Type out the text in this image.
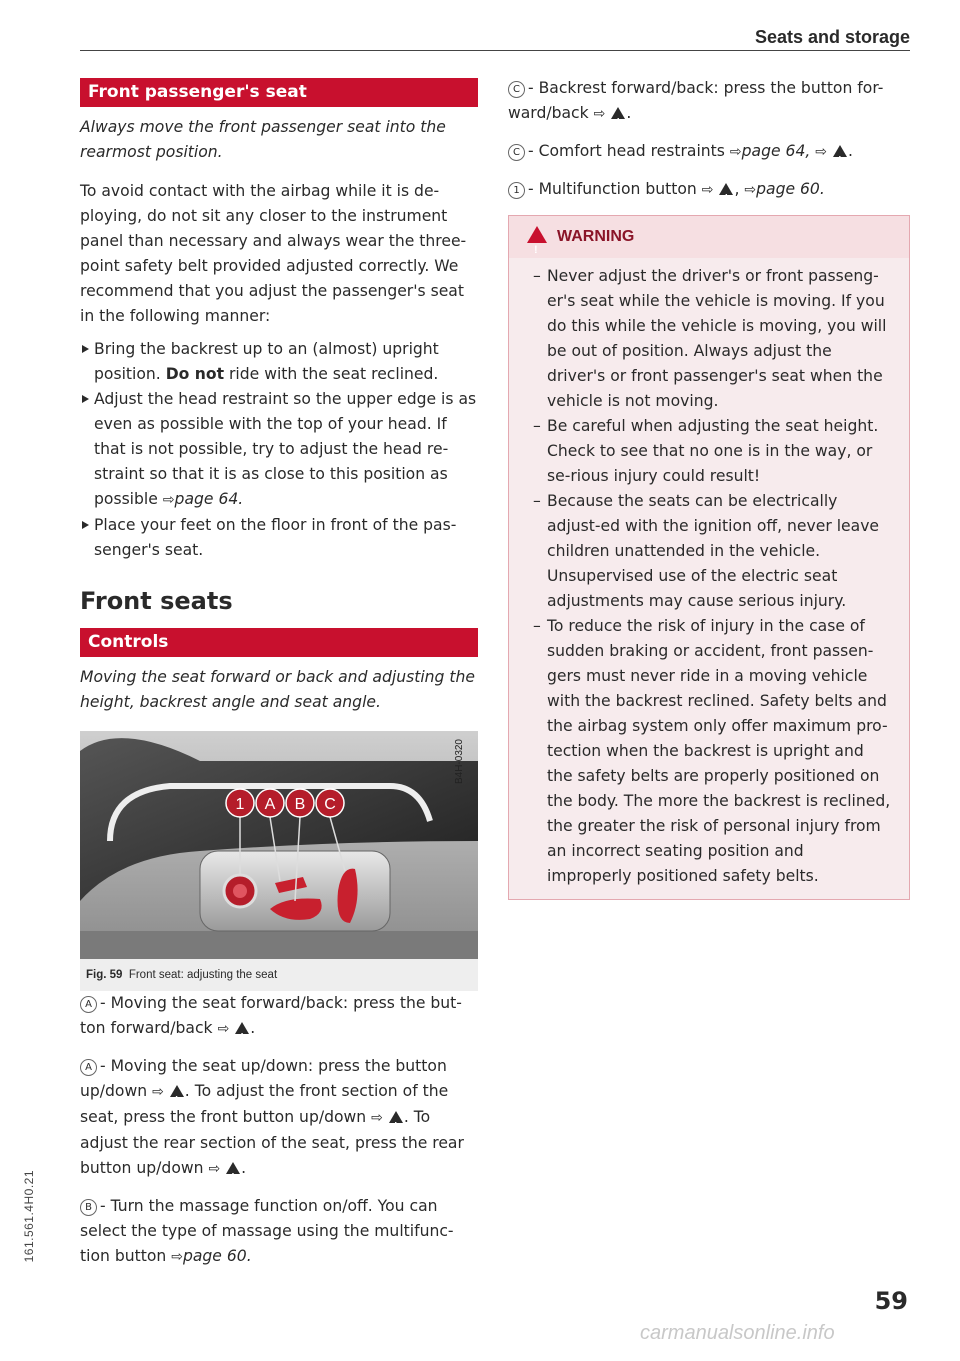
Seats and storage
Front passenger's seat

Always move the front passenger seat into the rearmost position.

To avoid contact with the airbag while it is de-ploying, do not sit any closer to the instrument panel than necessary and always wear the three-point safety belt provided adjusted correctly. We recommend that you adjust the passenger's seat in the following manner:

Bring the backrest up to an (almost) upright position. Do not ride with the seat reclined.
Adjust the head restraint so the upper edge is as even as possible with the top of your head. If that is not possible, try to adjust the head re-straint so that it is as close to this position as possible ⇨page 64.
Place your feet on the floor in front of the pas-senger's seat.
Front seats
Controls

Moving the seat forward or back and adjusting the height, backrest angle and seat angle.

1 A B C
B4H-0320
Fig. 59 Front seat: adjusting the seat

A - Moving the seat forward/back: press the but-ton forward/back ⇨ ! .

A - Moving the seat up/down: press the button up/down ⇨ ! . To adjust the front section of the seat, press the front button up/down ⇨ ! . To adjust the rear section of the seat, press the rear button up/down ⇨ ! .

B - Turn the massage function on/off. You can select the type of massage using the multifunc-tion button ⇨page 60.

C - Backrest forward/back: press the button for-ward/back ⇨ ! .

C - Comfort head restraints ⇨page 64, ⇨ ! .

1 - Multifunction button ⇨ ! , ⇨page 60.

!WARNING
– Never adjust the driver's or front passeng-er's seat while the vehicle is moving. If you do this while the vehicle is moving, you will be out of position. Always adjust the driver's or front passenger's seat when the vehicle is not moving.
– Be careful when adjusting the seat height. Check to see that no one is in the way, or se-rious injury could result!
– Because the seats can be electrically adjust-ed with the ignition off, never leave children unattended in the vehicle. Unsupervised use of the electric seat adjustments may cause serious injury.
– To reduce the risk of injury in the case of sudden braking or accident, front passen-gers must never ride in a moving vehicle with the backrest reclined. Safety belts and the airbag system only offer maximum pro-tection when the backrest is upright and the safety belts are properly positioned on the body. The more the backrest is reclined, the greater the risk of personal injury from an incorrect seating position and improperly positioned safety belts.
161.561.4H0.21
59
carmanualsonline.info
